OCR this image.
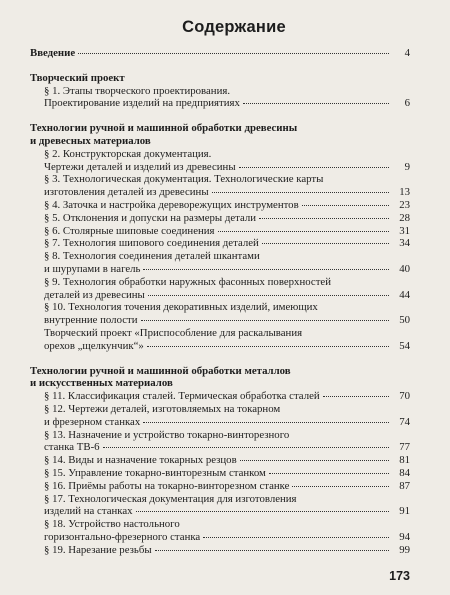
Содержание
Введение	4
Творческий проект
§ 1. Этапы творческого проектирования.
Проектирование изделий на предприятиях	6
Технологии ручной и машинной обработки древесины
и древесных материалов
§ 2. Конструкторская документация.
Чертежи деталей и изделий из древесины	9
§ 3. Технологическая документация. Технологические карты
изготовления деталей из древесины	13
§ 4. Заточка и настройка дереворежущих инструментов	23
§ 5. Отклонения и допуски на размеры детали	28
§ 6. Столярные шиповые соединения	31
§ 7. Технология шипового соединения деталей	34
§ 8. Технология соединения деталей шкантами
и шурупами в нагель	40
§ 9. Технология обработки наружных фасонных поверхностей
деталей из древесины	44
§ 10. Технология точения декоративных изделий, имеющих
внутренние полости	50
Творческий проект «Приспособление для раскалывания
орехов „щелкунчик“»	54
Технологии ручной и машинной обработки металлов
и искусственных материалов
§ 11. Классификация сталей. Термическая обработка сталей	70
§ 12. Чертежи деталей, изготовляемых на токарном
и фрезерном станках	74
§ 13. Назначение и устройство токарно-винторезного
станка ТВ-6	77
§ 14. Виды и назначение токарных резцов	81
§ 15. Управление токарно-винторезным станком	84
§ 16. Приёмы работы на токарно-винторезном станке	87
§ 17. Технологическая документация для изготовления
изделий на станках	91
§ 18. Устройство настольного
горизонтально-фрезерного станка	94
§ 19. Нарезание резьбы	99
173
